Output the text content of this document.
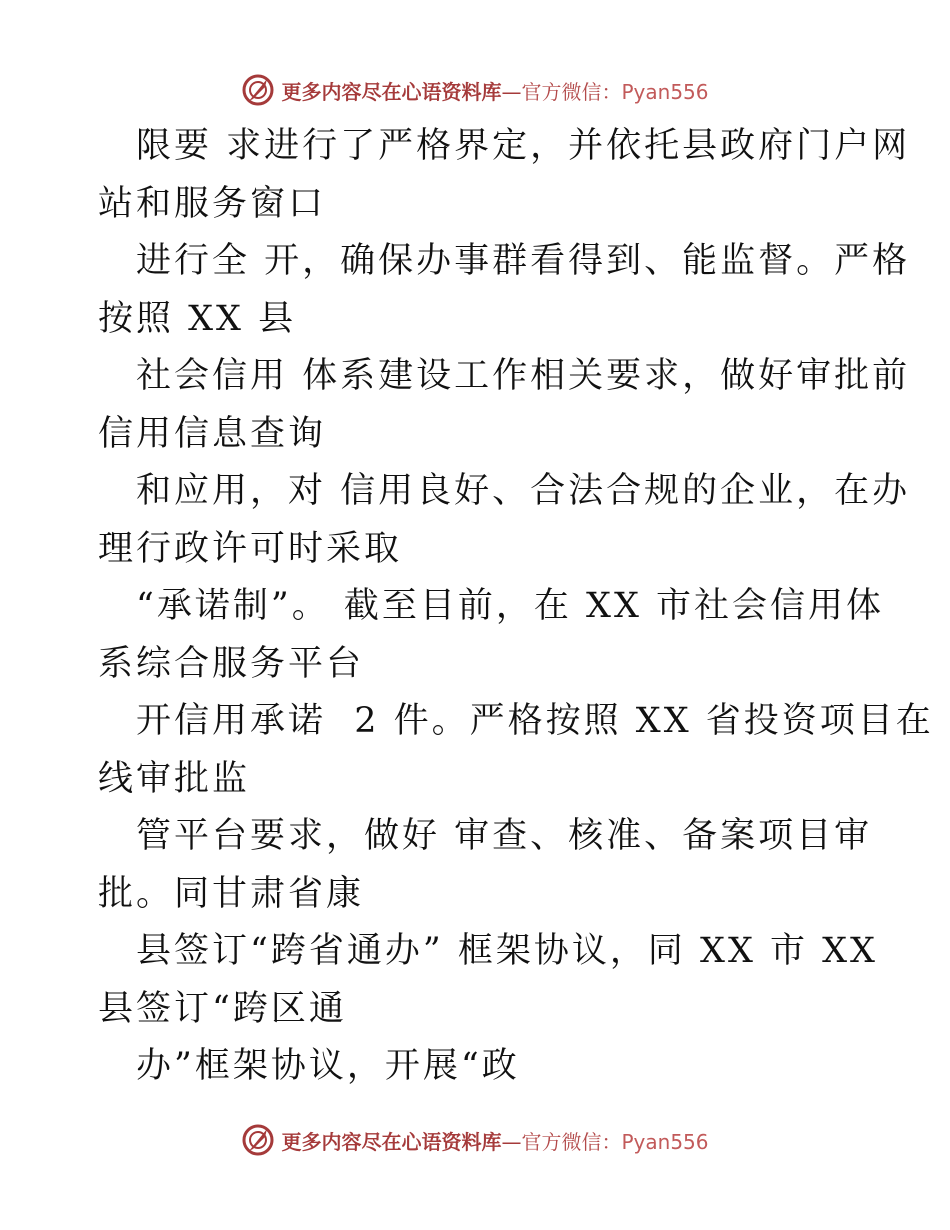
更多内容尽在心语资料库—官方微信：Pyan556
限要 求进行了严格界定，并依托县政府门户网
站和服务窗口
进行全 开，确保办事群看得到、能监督。严格
按照 XX 县
社会信用 体系建设工作相关要求，做好审批前
信用信息查询
和应用，对 信用良好、合法合规的企业，在办
理行政许可时采取
“承诺制”。 截至目前，在 XX 市社会信用体
系综合服务平台
开信用承诺  2 件。严格按照 XX 省投资项目在
线审批监
管平台要求，做好 审查、核准、备案项目审
批。同甘肃省康
县签订“跨省通办” 框架协议，同 XX 市 XX
县签订“跨区通
办”框架协议，开展“政
更多内容尽在心语资料库—官方微信：Pyan556
